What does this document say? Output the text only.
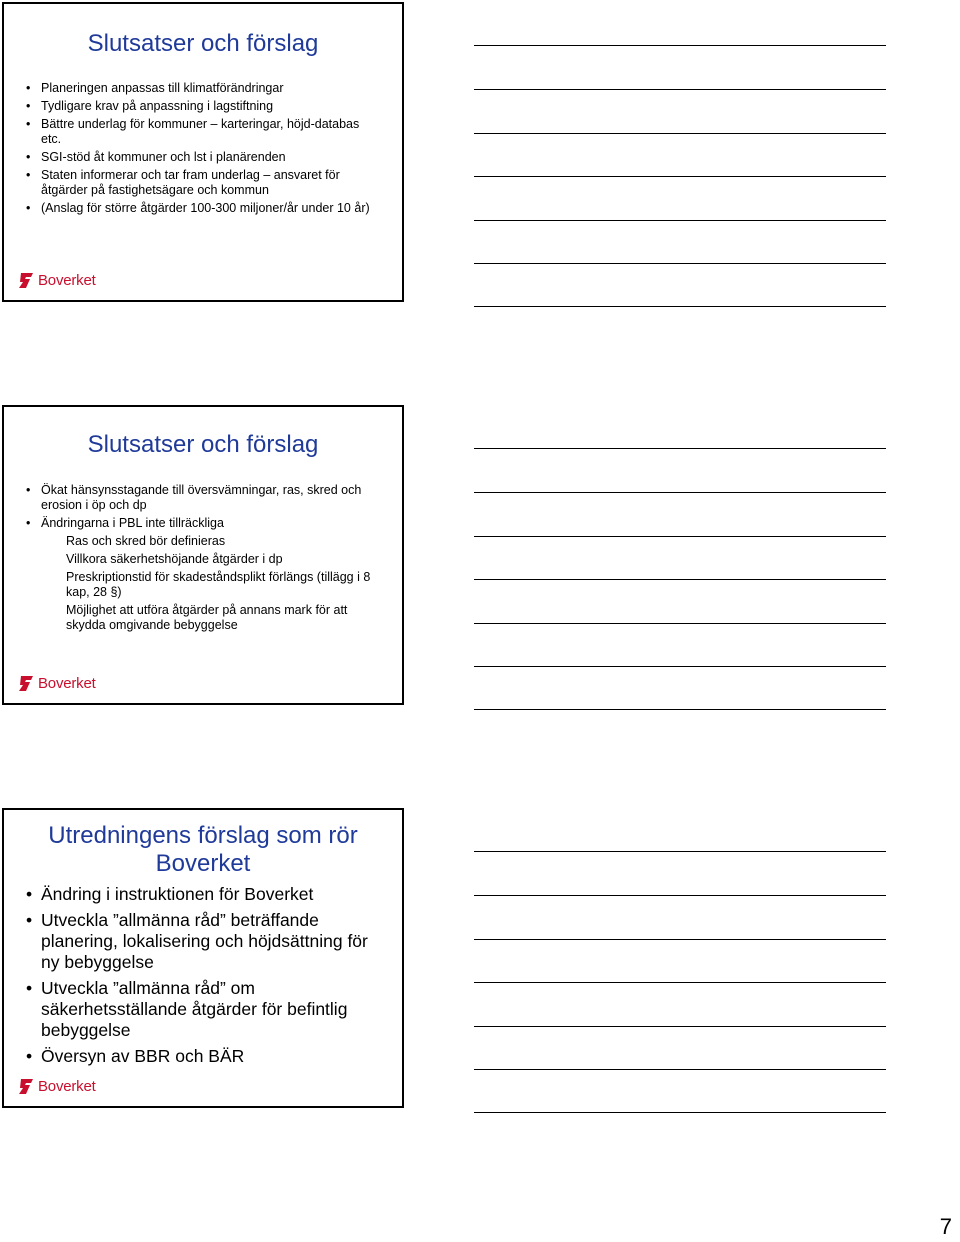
Slutsatser och förslag
• Planeringen anpassas till klimatförändringar
• Tydligare krav på anpassning i lagstiftning
• Bättre underlag för kommuner – karteringar, höjd-databas etc.
• SGI-stöd åt kommuner och lst i planärenden
• Staten informerar och tar fram underlag – ansvaret för åtgärder på fastighetsägare och kommun
• (Anslag för större åtgärder 100-300 miljoner/år under 10 år)
Boverket
Slutsatser och förslag
• Ökat hänsynsstagande till översvämningar, ras, skred och erosion i öp och dp
• Ändringarna i PBL inte tillräckliga
Ras och skred bör definieras
Villkora säkerhetshöjande åtgärder i dp
Preskriptionstid för skadeståndsplikt förlängs (tillägg i 8 kap, 28 §)
Möjlighet att utföra åtgärder på annans mark för att skydda omgivande bebyggelse
Boverket
Utredningens förslag som rör Boverket
• Ändring i instruktionen för Boverket
• Utveckla ”allmänna råd” beträffande planering, lokalisering och höjdsättning för ny bebyggelse
• Utveckla ”allmänna råd” om säkerhetsställande åtgärder för befintlig bebyggelse
• Översyn av BBR och BÄR
Boverket
7
